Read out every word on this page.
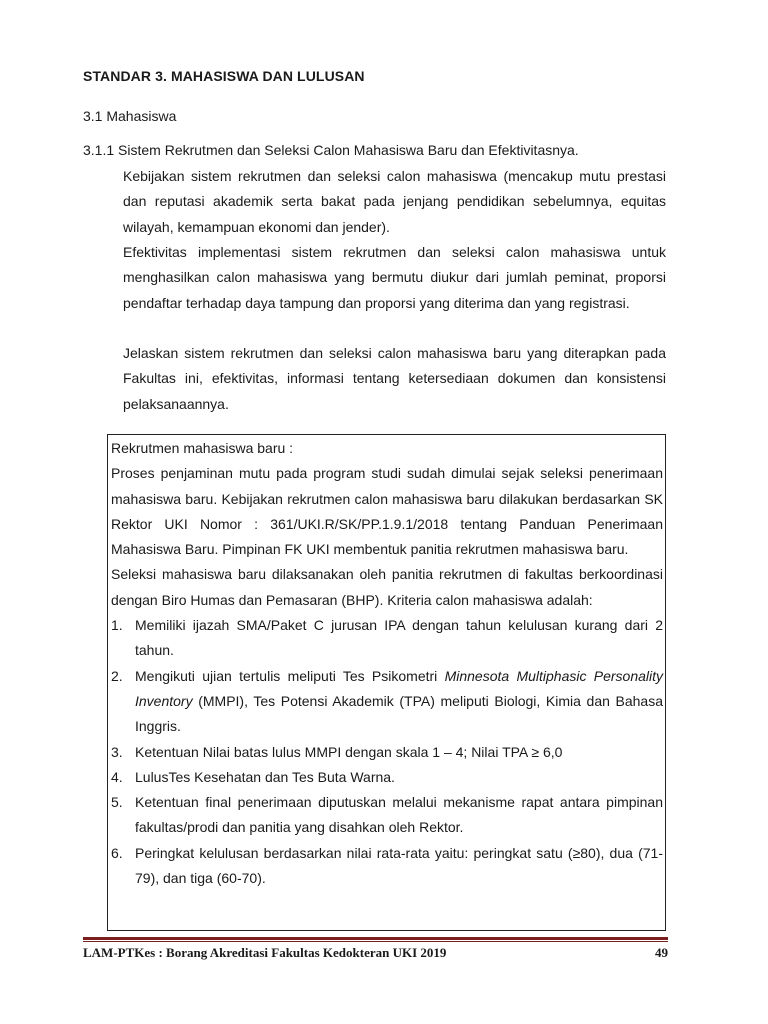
STANDAR 3. MAHASISWA DAN LULUSAN
3.1 Mahasiswa
3.1.1 Sistem Rekrutmen dan Seleksi Calon Mahasiswa Baru dan Efektivitasnya.

Kebijakan sistem rekrutmen dan seleksi calon mahasiswa (mencakup mutu prestasi dan reputasi akademik serta bakat pada jenjang pendidikan sebelumnya, equitas wilayah, kemampuan ekonomi dan jender).

Efektivitas implementasi sistem rekrutmen dan seleksi calon mahasiswa untuk menghasilkan calon mahasiswa yang bermutu diukur dari jumlah peminat, proporsi pendaftar terhadap daya tampung dan proporsi yang diterima dan yang registrasi.

Jelaskan sistem rekrutmen dan seleksi calon mahasiswa baru yang diterapkan pada Fakultas ini, efektivitas, informasi tentang ketersediaan dokumen dan konsistensi pelaksanaannya.

Rekrutmen mahasiswa baru :

Proses penjaminan mutu pada program studi sudah dimulai sejak seleksi penerimaan mahasiswa baru. Kebijakan rekrutmen calon mahasiswa baru dilakukan berdasarkan SK Rektor UKI Nomor : 361/UKI.R/SK/PP.1.9.1/2018 tentang Panduan Penerimaan Mahasiswa Baru. Pimpinan FK UKI membentuk panitia rekrutmen mahasiswa baru.

Seleksi mahasiswa baru dilaksanakan oleh panitia rekrutmen di fakultas berkoordinasi dengan Biro Humas dan Pemasaran (BHP). Kriteria calon mahasiswa adalah:

1. Memiliki ijazah SMA/Paket C jurusan IPA dengan tahun kelulusan kurang dari 2 tahun.
2. Mengikuti ujian tertulis meliputi Tes Psikometri Minnesota Multiphasic Personality Inventory (MMPI), Tes Potensi Akademik (TPA) meliputi Biologi, Kimia dan Bahasa Inggris.
3. Ketentuan Nilai batas lulus MMPI dengan skala 1 – 4; Nilai TPA ≥ 6,0
4. LulusTes Kesehatan dan Tes Buta Warna.
5. Ketentuan final penerimaan diputuskan melalui mekanisme rapat antara pimpinan fakultas/prodi dan panitia yang disahkan oleh Rektor.
6. Peringkat kelulusan berdasarkan nilai rata-rata yaitu: peringkat satu (≥80), dua (71-79), dan tiga (60-70).
LAM-PTKes : Borang Akreditasi Fakultas Kedokteran UKI 2019	49
